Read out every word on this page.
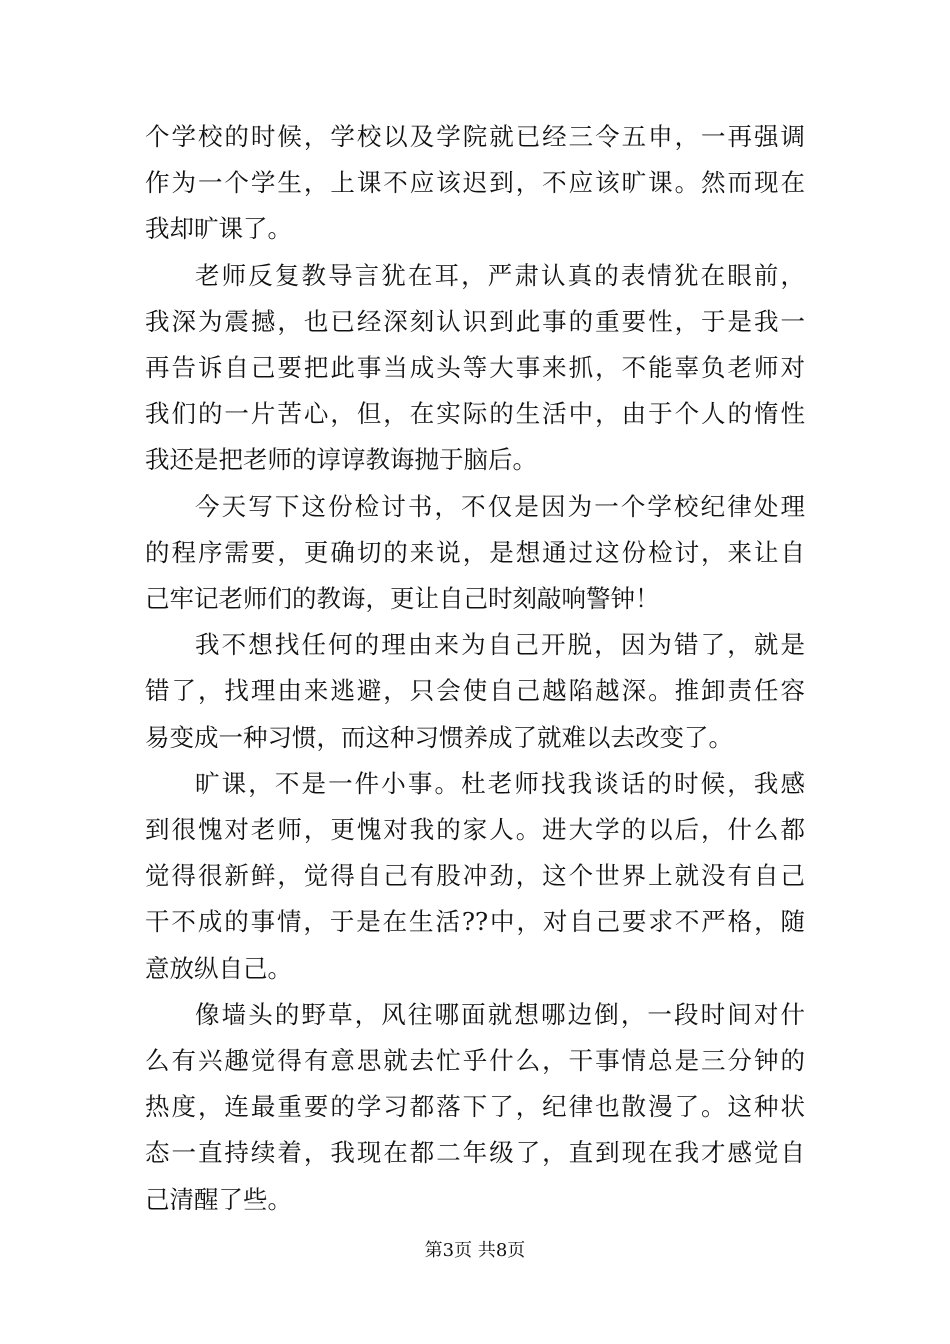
个学校的时候，学校以及学院就已经三令五申，一再强调
作为一个学生，上课不应该迟到，不应该旷课。然而现在
我却旷课了。
老师反复教导言犹在耳，严肃认真的表情犹在眼前，
我深为震撼，也已经深刻认识到此事的重要性，于是我一
再告诉自己要把此事当成头等大事来抓，不能辜负老师对
我们的一片苦心，但，在实际的生活中，由于个人的惰性
我还是把老师的谆谆教诲抛于脑后。
今天写下这份检讨书，不仅是因为一个学校纪律处理
的程序需要，更确切的来说，是想通过这份检讨，来让自
己牢记老师们的教诲，更让自己时刻敲响警钟！
我不想找任何的理由来为自己开脱，因为错了，就是
错了，找理由来逃避，只会使自己越陷越深。推卸责任容
易变成一种习惯，而这种习惯养成了就难以去改变了。
旷课，不是一件小事。杜老师找我谈话的时候，我感
到很愧对老师，更愧对我的家人。进大学的以后，什么都
觉得很新鲜，觉得自己有股冲劲，这个世界上就没有自己
干不成的事情，于是在生活??中，对自己要求不严格，随
意放纵自己。
像墙头的野草，风往哪面就想哪边倒，一段时间对什
么有兴趣觉得有意思就去忙乎什么，干事情总是三分钟的
热度，连最重要的学习都落下了，纪律也散漫了。这种状
态一直持续着，我现在都二年级了，直到现在我才感觉自
己清醒了些。
第3页 共8页
